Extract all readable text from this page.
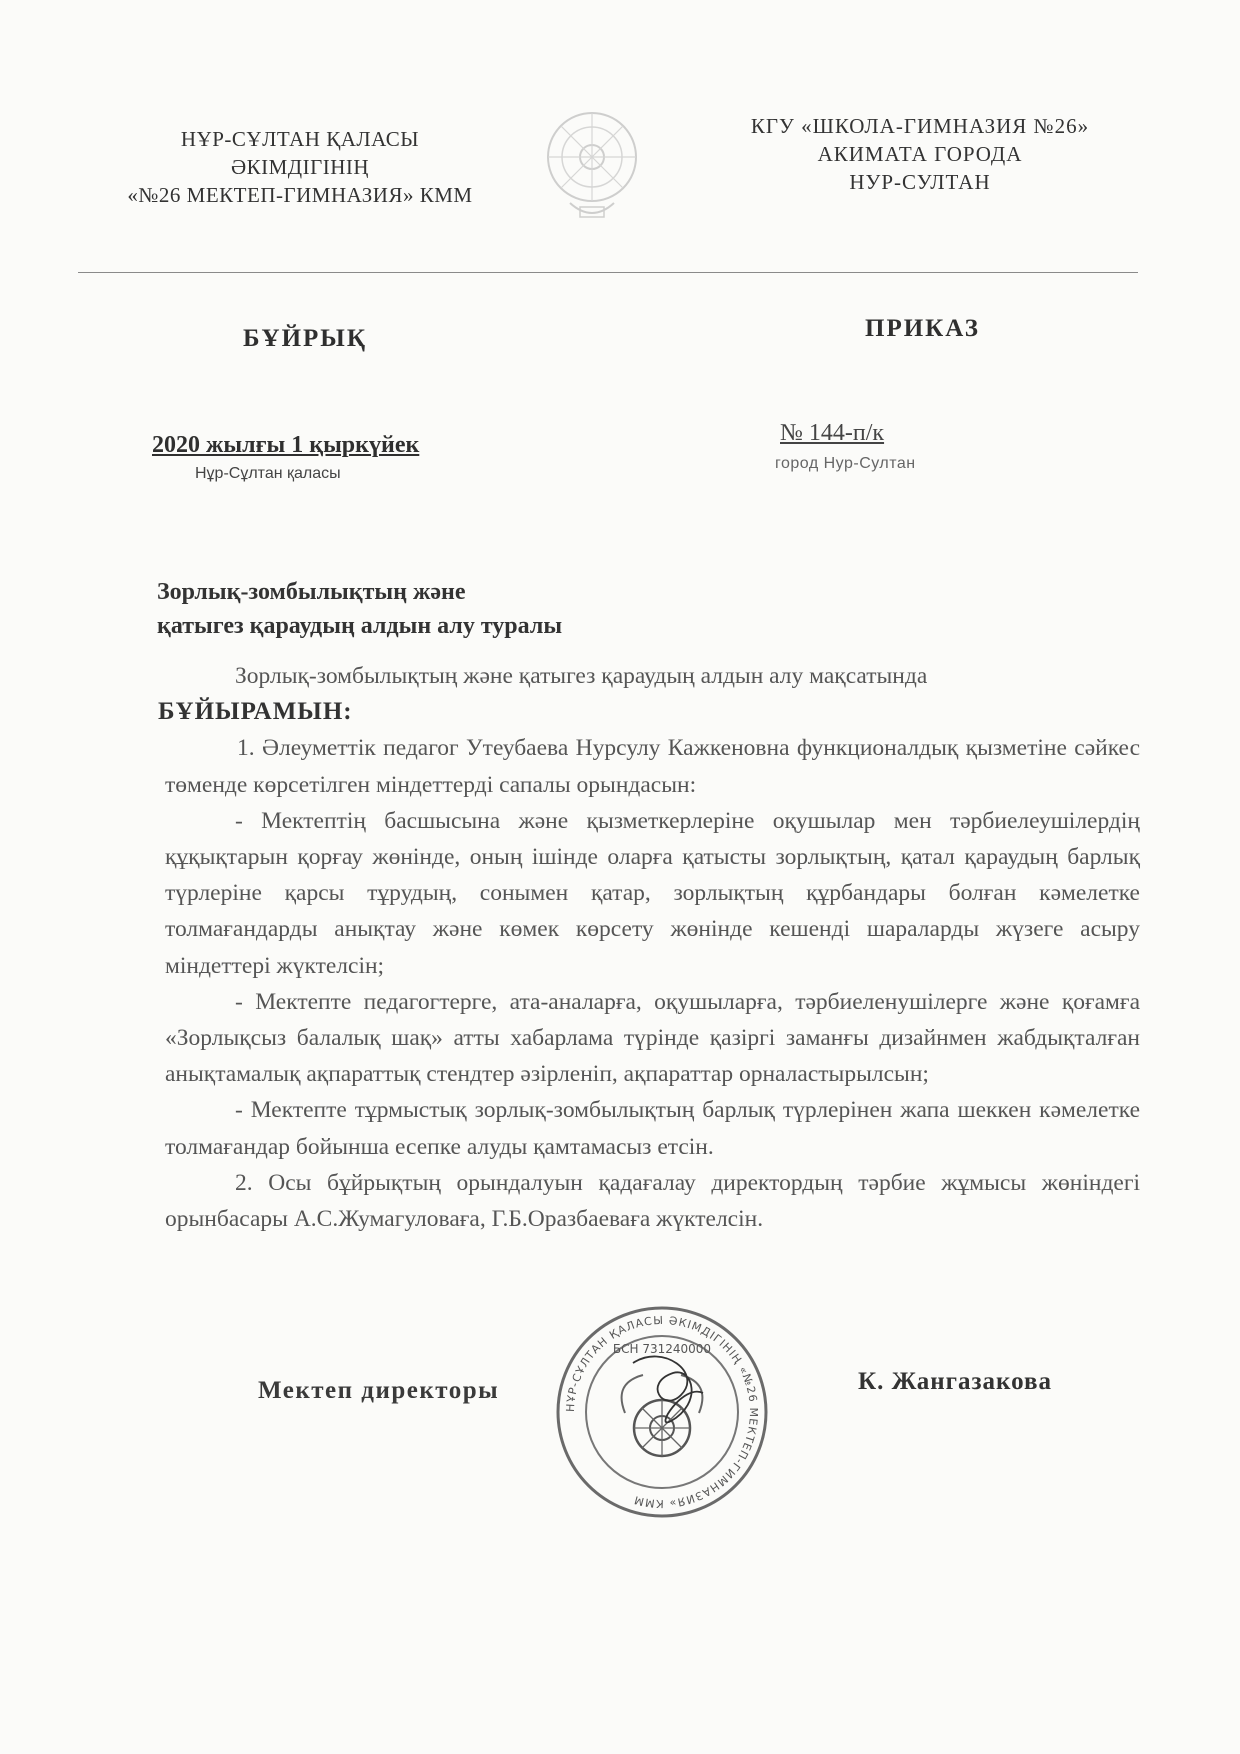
НҰР-СҰЛТАН ҚАЛАСЫ
ӘКІМДІГІНІҢ
«№26 МЕКТЕП-ГИМНАЗИЯ» КММ
КГУ «ШКОЛА-ГИМНАЗИЯ №26»
АКИМАТА ГОРОДА
НУР-СУЛТАН
БҰЙРЫҚ	ПРИКАЗ
2020 жылғы 1 қыркүйек
Нұр-Сұлтан қаласы
№ 144-п/к
город Нур-Султан
Зорлық-зомбылықтың және
қатыгез қараудың алдын алу туралы

Зорлық-зомбылықтың және қатыгез қараудың алдын алу мақсатында

БҰЙЫРАМЫН:

1. Әлеуметтік педагог Утеубаева Нурсулу Кажкеновна функционалдық қызметіне сәйкес төменде көрсетілген міндеттерді сапалы орындасын:

- Мектептің басшысына және қызметкерлеріне оқушылар мен тәрбиелеушілердің құқықтарын қорғау жөнінде, оның ішінде оларға қатысты зорлықтың, қатал қараудың барлық түрлеріне қарсы тұрудың, сонымен қатар, зорлықтың құрбандары болған кәмелетке толмағандарды анықтау және көмек көрсету жөнінде кешенді шараларды жүзеге асыру міндеттері жүктелсін;

- Мектепте педагогтерге, ата-аналарға, оқушыларға, тәрбиеленушілерге және қоғамға «Зорлықсыз балалық шақ» атты хабарлама түрінде қазіргі заманғы дизайнмен жабдықталған анықтамалық ақпараттық стендтер әзірленіп, ақпараттар орналастырылсын;

- Мектепте тұрмыстық зорлық-зомбылықтың барлық түрлерінен жапа шеккен кәмелетке толмағандар бойынша есепке алуды қамтамасыз етсін.

2. Осы бұйрықтың орындалуын қадағалау директордың тәрбие жұмысы жөніндегі орынбасары А.С.Жумагуловаға, Г.Б.Оразбаеваға жүктелсін.

Мектеп директоры
НҰР-СҰЛТАН ҚАЛАСЫ ӘКІМДІГІНІҢ «№26 МЕКТЕП-ГИМНАЗИЯ» КММ
БСН 731240000
К. Жангазакова
